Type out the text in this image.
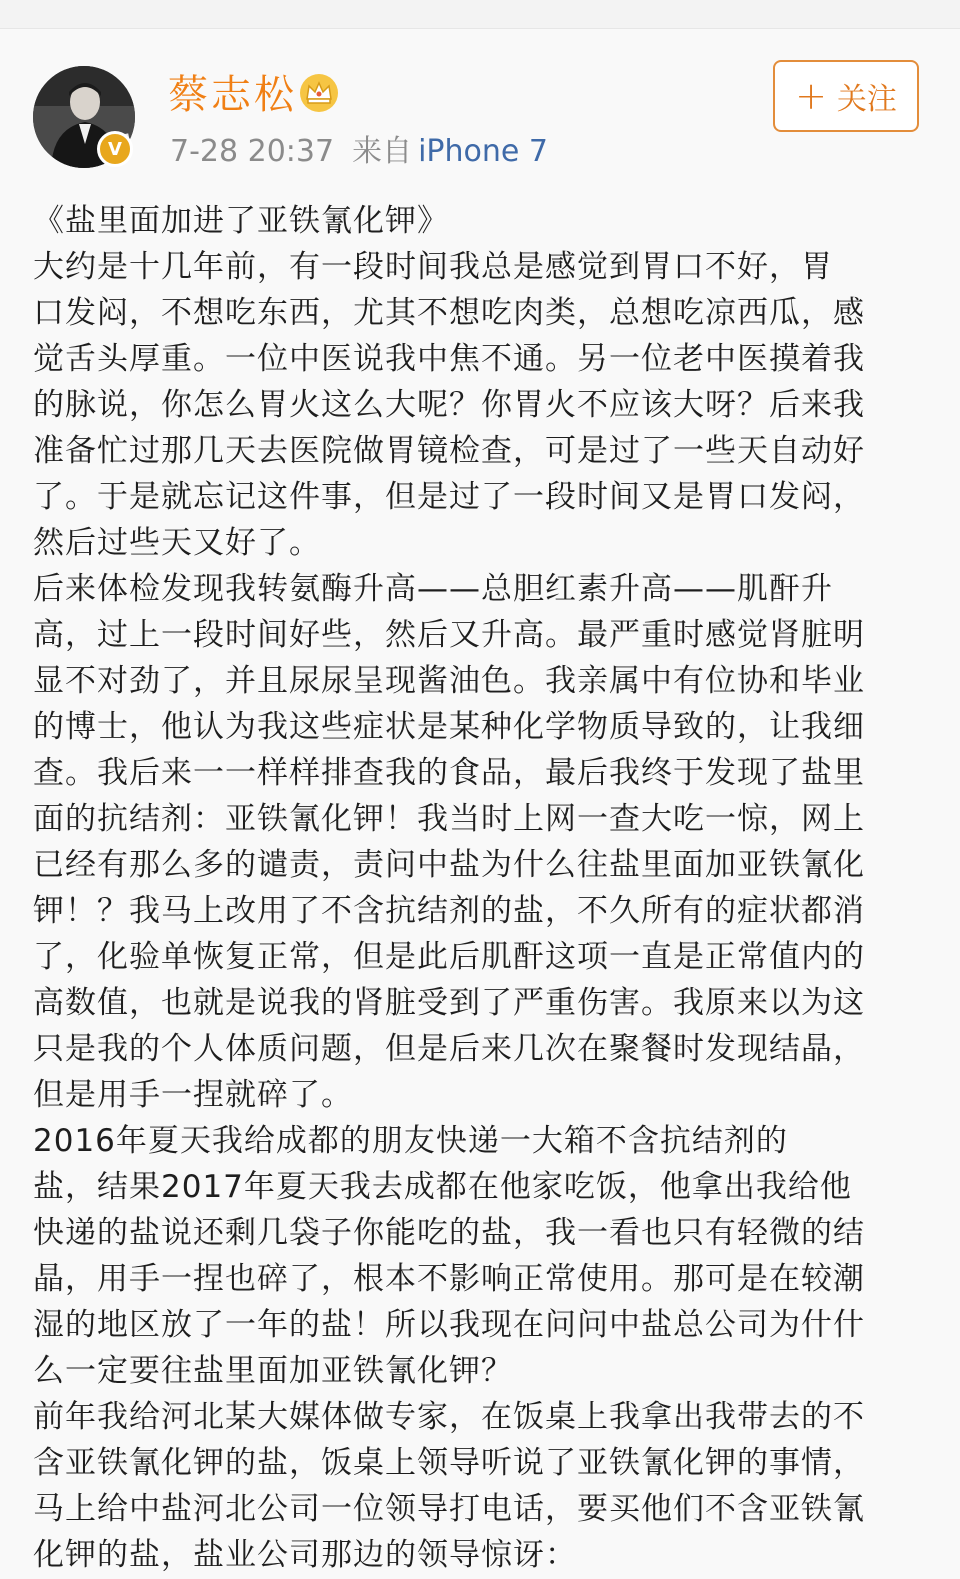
V
蔡志松
7-28 20:37 来自 iPhone 7
+ 关注
《盐里面加进了亚铁氰化钾》
大约是十几年前，有一段时间我总是感觉到胃口不好，胃
口发闷，不想吃东西，尤其不想吃肉类，总想吃凉西瓜，感
觉舌头厚重。一位中医说我中焦不通。另一位老中医摸着我
的脉说，你怎么胃火这么大呢？你胃火不应该大呀？后来我
准备忙过那几天去医院做胃镜检查，可是过了一些天自动好
了。于是就忘记这件事，但是过了一段时间又是胃口发闷，
然后过些天又好了。
后来体检发现我转氨酶升高——总胆红素升高——肌酐升
高，过上一段时间好些，然后又升高。最严重时感觉肾脏明
显不对劲了，并且尿尿呈现酱油色。我亲属中有位协和毕业
的博士，他认为我这些症状是某种化学物质导致的，让我细
查。我后来一一样样排查我的食品，最后我终于发现了盐里
面的抗结剂：亚铁氰化钾！我当时上网一查大吃一惊，网上
已经有那么多的谴责，责问中盐为什么往盐里面加亚铁氰化
钾！？我马上改用了不含抗结剂的盐，不久所有的症状都消
了，化验单恢复正常，但是此后肌酐这项一直是正常值内的
高数值，也就是说我的肾脏受到了严重伤害。我原来以为这
只是我的个人体质问题，但是后来几次在聚餐时发现结晶，
但是用手一捏就碎了。
2016年夏天我给成都的朋友快递一大箱不含抗结剂的
盐，结果2017年夏天我去成都在他家吃饭，他拿出我给他
快递的盐说还剩几袋子你能吃的盐，我一看也只有轻微的结
晶，用手一捏也碎了，根本不影响正常使用。那可是在较潮
湿的地区放了一年的盐！所以我现在问问中盐总公司为什什
么一定要往盐里面加亚铁氰化钾？
前年我给河北某大媒体做专家，在饭桌上我拿出我带去的不
含亚铁氰化钾的盐，饭桌上领导听说了亚铁氰化钾的事情，
马上给中盐河北公司一位领导打电话，要买他们不含亚铁氰
化钾的盐，盐业公司那边的领导惊讶：
